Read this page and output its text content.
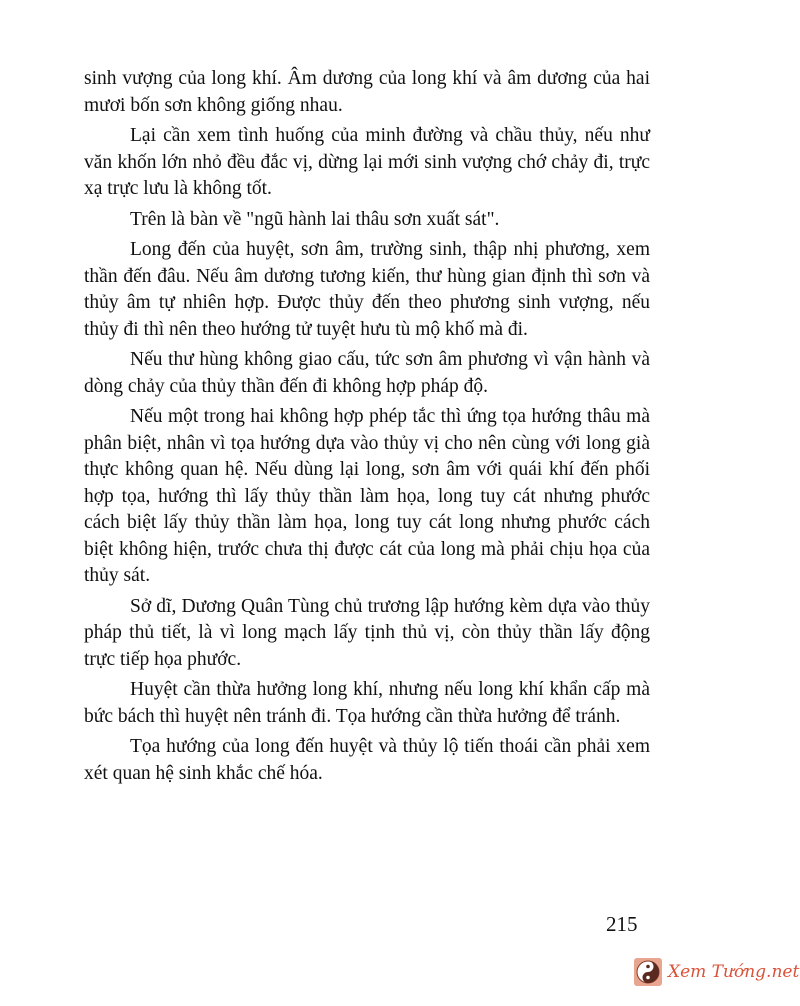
sinh vượng của long khí. Âm dương của long khí và âm dương của hai mươi bốn sơn không giống nhau.

Lại cần xem tình huống của minh đường và chầu thủy, nếu như văn khốn lớn nhỏ đều đắc vị, dừng lại mới sinh vượng chớ chảy đi, trực xạ trực lưu là không tốt.

Trên là bàn về "ngũ hành lai thâu sơn xuất sát".

Long đến của huyệt, sơn âm, trường sinh, thập nhị phương, xem thần đến đâu. Nếu âm dương tương kiến, thư hùng gian định thì sơn và thủy âm tự nhiên hợp. Được thủy đến theo phương sinh vượng, nếu thủy đi thì nên theo hướng tử tuyệt hưu tù mộ khố mà đi.

Nếu thư hùng không giao cấu, tức sơn âm phương vì vận hành và dòng chảy của thủy thần đến đi không hợp pháp độ.

Nếu một trong hai không hợp phép tắc thì ứng tọa hướng thâu mà phân biệt, nhân vì tọa hướng dựa vào thủy vị cho nên cùng với long già thực không quan hệ. Nếu dùng lại long, sơn âm với quái khí đến phối hợp tọa, hướng thì lấy thủy thần làm họa, long tuy cát nhưng phước cách biệt lấy thủy thần làm họa, long tuy cát long nhưng phước cách biệt không hiện, trước chưa thị được cát của long mà phải chịu họa của thủy sát.

Sở dĩ, Dương Quân Tùng chủ trương lập hướng kèm dựa vào thủy pháp thủ tiết, là vì long mạch lấy tịnh thủ vị, còn thủy thần lấy động trực tiếp họa phước.

Huyệt cần thừa hưởng long khí, nhưng nếu long khí khẩn cấp mà bức bách thì huyệt nên tránh đi. Tọa hướng cần thừa hưởng để tránh.

Tọa hướng của long đến huyệt và thủy lộ tiến thoái cần phải xem xét quan hệ sinh khắc chế hóa.

215
Xem Tướng.net
